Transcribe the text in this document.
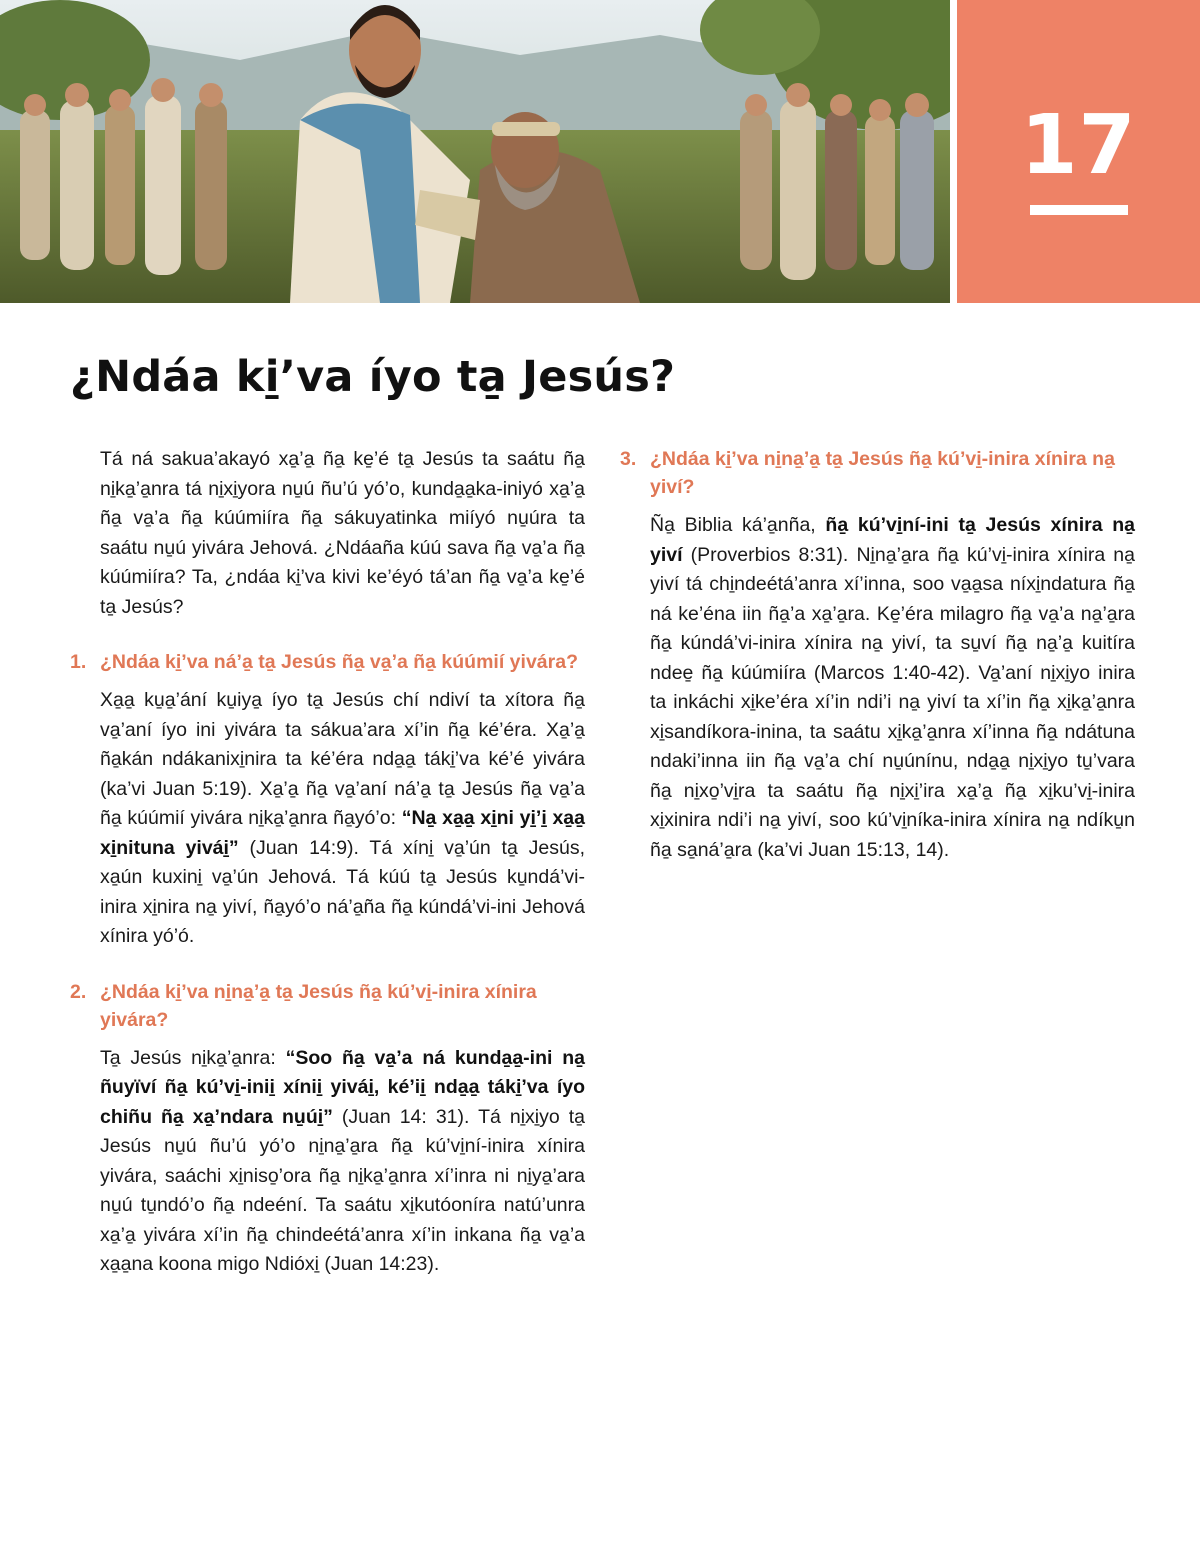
17
¿Ndáa ki̱’va íyo ta̱ Jesús?

Tá ná sakua’akayó xa̱’a̱ ña̱ ke̱’é ta̱ Jesús ta saátu ña̱ ni̱ka̱’a̱nra tá ni̱xi̱yora nu̱ú ñu’ú yó’o, kunda̱a̱ka-iniyó xa̱’a̱ ña̱ va̱’a ña̱ kúúmiíra ña̱ sákuyatinka miíyó nu̱úra ta saátu nu̱ú yivára Jehová. ¿Ndáaña kúú sava ña̱ va̱’a ña̱ kúúmiíra? Ta, ¿ndáa ki̱’va kivi ke’éyó tá’an ña̱ va̱’a ke̱’é ta̱ Jesús?

1. ¿Ndáa ki̱’va ná’a̱ ta̱ Jesús ña̱ va̱’a ña̱ kúúmií yivára?

Xa̱a̱ ku̱a̱’ání ku̱iya̱ íyo ta̱ Jesús chí ndiví ta xítora ña̱ va̱’aní íyo ini yivára ta sákua’ara xí’in ña̱ ké’éra. Xa̱’a̱ ña̱kán ndákanixi̱nira ta ké’éra nda̱a̱ táki̱’va ké’é yivára (ka’vi Juan 5:19). Xa̱’a̱ ña̱ va̱’aní ná’a̱ ta̱ Jesús ña̱ va̱’a ña̱ kúúmií yivára ni̱ka̱’a̱nra ña̱yó’o: “Na̱ xa̱a̱ xi̱ni yi̱’i̱ xa̱a̱ xi̱nituna yivái̱” (Juan 14:9). Tá xíni̱ va̱’ún ta̱ Jesús, xa̱ún kuxini̱ va̱’ún Jehová. Tá kúú ta̱ Jesús ku̱ndá’vi-inira xi̱nira na̱ yiví, ña̱yó’o ná’a̱ña ña̱ kúndá’vi-ini Jehová xínira yó’ó.

2. ¿Ndáa ki̱’va ni̱na̱’a̱ ta̱ Jesús ña̱ kú’vi̱-inira xínira yivára?

Ta̱ Jesús ni̱ka̱’a̱nra: “Soo ña̱ va̱’a ná kunda̱a̱-ini na̱ ñuyïví ña̱ kú’vi̱-inii̱ xínii̱ yivái̱, ké’ii̱ nda̱a̱ táki̱’va íyo chiñu ña̱ xa̱’ndara nu̱úi̱” (Juan 14: 31). Tá ni̱xi̱yo ta̱ Jesús nu̱ú ñu’ú yó’o ni̱na̱’a̱ra ña̱ kú’vi̱ní-inira xínira yivára, saáchi xi̱niso̱’ora ña̱ ni̱ka̱’a̱nra xí’inra ni ni̱ya̱’ara nu̱ú tu̱ndó’o ña̱ ndeéní. Ta saátu xi̱kutóoníra natú’unra xa̱’a̱ yivára xí’in ña̱ chindeétá’anra xí’in inkana ña̱ va̱’a xa̱a̱na koona migo Ndióxi̱ (Juan 14:23).

3. ¿Ndáa ki̱’va ni̱na̱’a̱ ta̱ Jesús ña̱ kú’vi̱-inira xínira na̱ yiví?

Ña̱ Biblia ká’a̱nña, ña̱ kú’vi̱ní-ini ta̱ Jesús xínira na̱ yiví (Proverbios 8:31). Ni̱na̱’a̱ra ña̱ kú’vi̱-inira xínira na̱ yiví tá chi̱ndeétá’anra xí’inna, soo va̱a̱sa níxi̱ndatura ña̱ ná ke’éna iin ña̱’a xa̱’a̱ra. Ke̱’éra milagro ña̱ va̱’a na̱’a̱ra ña̱ kúndá’vi-inira xínira na̱ yiví, ta su̱ví ña̱ na̱’a̱ kuitíra ndee̱ ña̱ kúúmiíra (Marcos 1:40-42). Va̱’aní ni̱xi̱yo inira ta inkáchi xi̱ke’éra xí’in ndi’i na̱ yiví ta xí’in ña̱ xi̱ka̱’a̱nra xi̱sandíkora-inina, ta saátu xi̱ka̱’a̱nra xí’inna ña̱ ndátuna ndaki’inna iin ña̱ va̱’a chí nu̱únínu, nda̱a̱ ni̱xi̱yo tu̱’vara ña̱ ni̱xo̱’vi̱ra ta saátu ña̱ ni̱xi̱’ira xa̱’a̱ ña̱ xi̱ku’vi̱-inira xi̱xinira ndi’i na̱ yiví, soo kú’vi̱níka-inira xínira na̱ ndíku̱n ña̱ sa̱ná’a̱ra (ka’vi Juan 15:13, 14).
